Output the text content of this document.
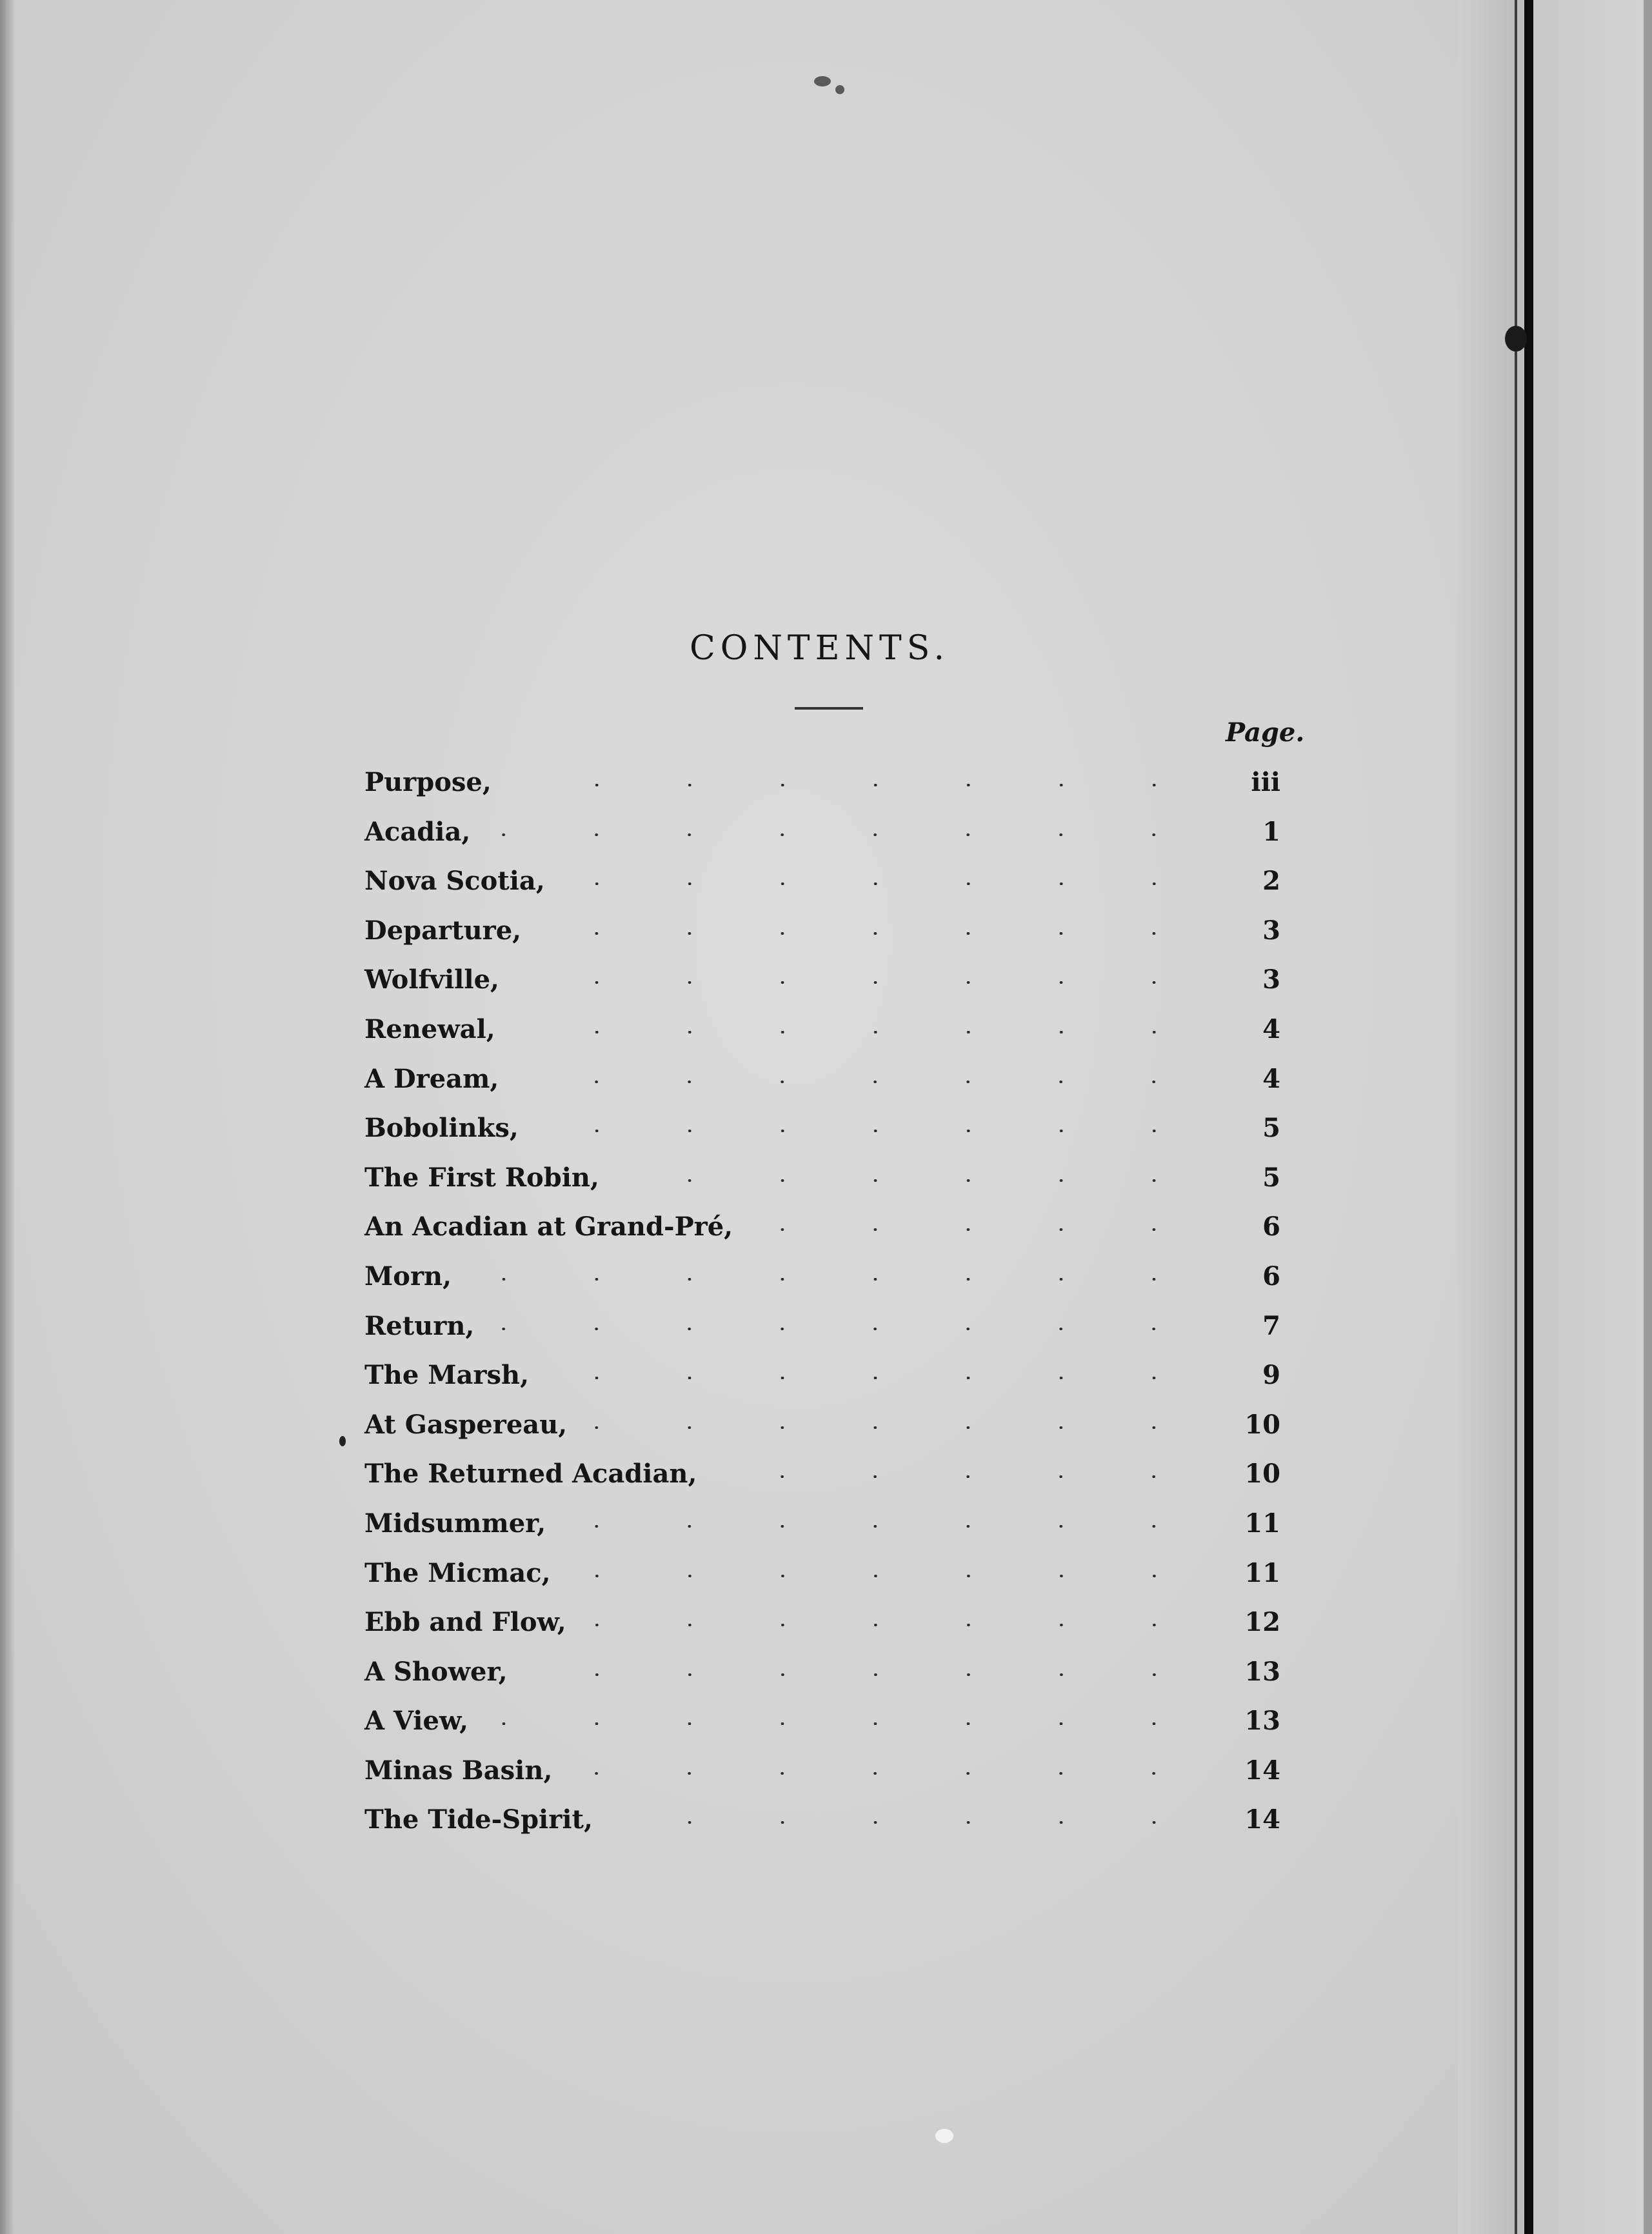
CONTENTS.
Page.
Purpose,	iii
Acadia,	1
Nova Scotia,	2
Departure,	3
Wolfville,	3
Renewal,	4
A Dream,	4
Bobolinks,	5
The First Robin,	5
An Acadian at Grand-Pré,	6
Morn,	6
Return,	7
The Marsh,	9
At Gaspereau,	10
The Returned Acadian,	10
Midsummer,	11
The Micmac,	11
Ebb and Flow,	12
A Shower,	13
A View,	13
Minas Basin,	14
The Tide-Spirit,	14
